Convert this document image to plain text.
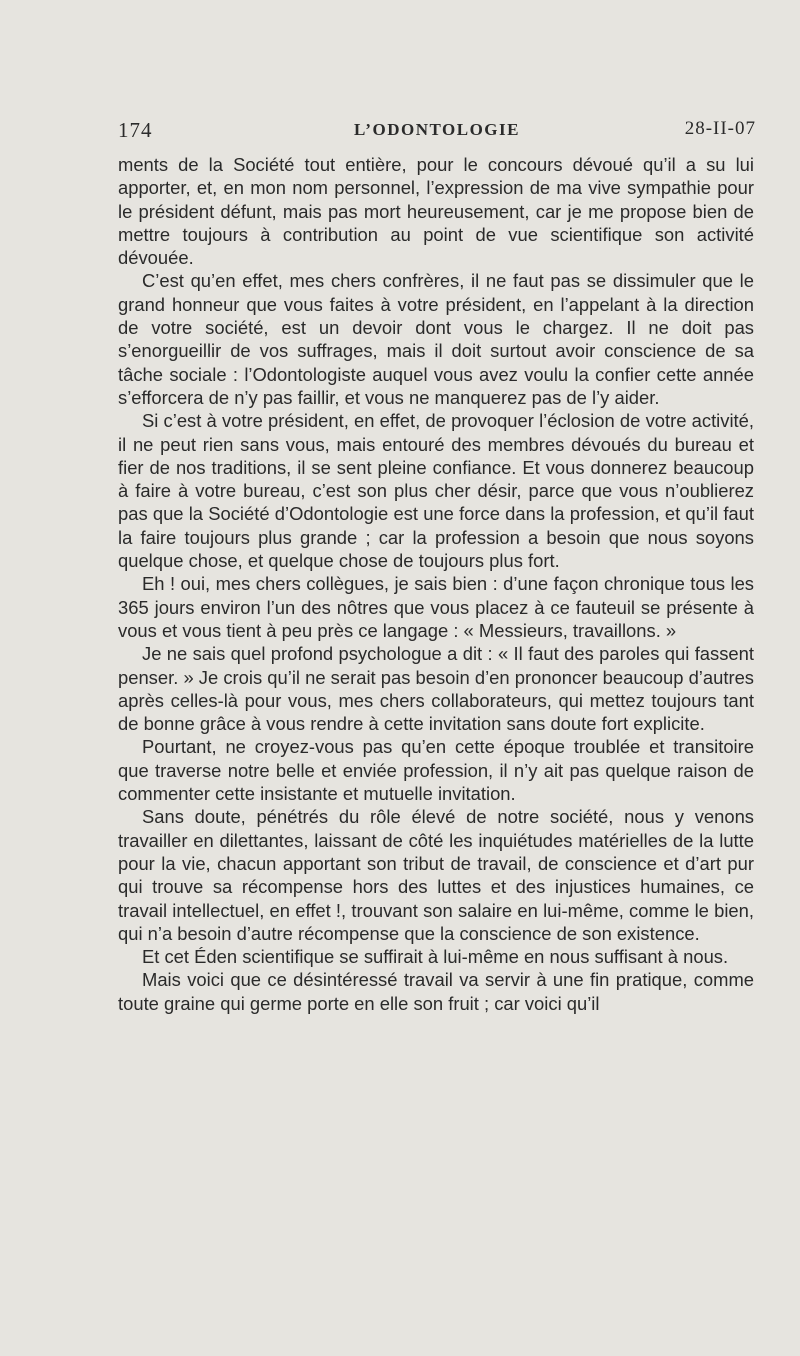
174	L’ODONTOLOGIE	28-II-07

ments de la Société tout entière, pour le concours dévoué qu’il a su lui apporter, et, en mon nom personnel, l’expression de ma vive sympathie pour le président défunt, mais pas mort heureusement, car je me propose bien de mettre toujours à contribution au point de vue scientifique son activité dévouée.

C’est qu’en effet, mes chers confrères, il ne faut pas se dissimuler que le grand honneur que vous faites à votre président, en l’appelant à la direction de votre société, est un devoir dont vous le chargez. Il ne doit pas s’enorgueillir de vos suffrages, mais il doit surtout avoir conscience de sa tâche sociale : l’Odontologiste auquel vous avez voulu la confier cette année s’efforcera de n’y pas faillir, et vous ne manquerez pas de l’y aider.

Si c’est à votre président, en effet, de provoquer l’éclosion de votre activité, il ne peut rien sans vous, mais entouré des membres dévoués du bureau et fier de nos traditions, il se sent pleine confiance. Et vous donnerez beaucoup à faire à votre bureau, c’est son plus cher désir, parce que vous n’oublierez pas que la Société d’Odontologie est une force dans la profession, et qu’il faut la faire toujours plus grande ; car la profession a besoin que nous soyons quelque chose, et quelque chose de toujours plus fort.

Eh ! oui, mes chers collègues, je sais bien : d’une façon chronique tous les 365 jours environ l’un des nôtres que vous placez à ce fauteuil se présente à vous et vous tient à peu près ce langage : « Messieurs, travaillons. »

Je ne sais quel profond psychologue a dit : « Il faut des paroles qui fassent penser. » Je crois qu’il ne serait pas besoin d’en prononcer beaucoup d’autres après celles-là pour vous, mes chers collaborateurs, qui mettez toujours tant de bonne grâce à vous rendre à cette invitation sans doute fort explicite.

Pourtant, ne croyez-vous pas qu’en cette époque troublée et transitoire que traverse notre belle et enviée profession, il n’y ait pas quelque raison de commenter cette insistante et mutuelle invitation.

Sans doute, pénétrés du rôle élevé de notre société, nous y venons travailler en dilettantes, laissant de côté les inquiétudes matérielles de la lutte pour la vie, chacun apportant son tribut de travail, de conscience et d’art pur qui trouve sa récompense hors des luttes et des injustices humaines, ce travail intellectuel, en effet !, trouvant son salaire en lui-même, comme le bien, qui n’a besoin d’autre récompense que la conscience de son existence.

Et cet Éden scientifique se suffirait à lui-même en nous suffisant à nous.

Mais voici que ce désintéressé travail va servir à une fin pratique, comme toute graine qui germe porte en elle son fruit ; car voici qu’il
